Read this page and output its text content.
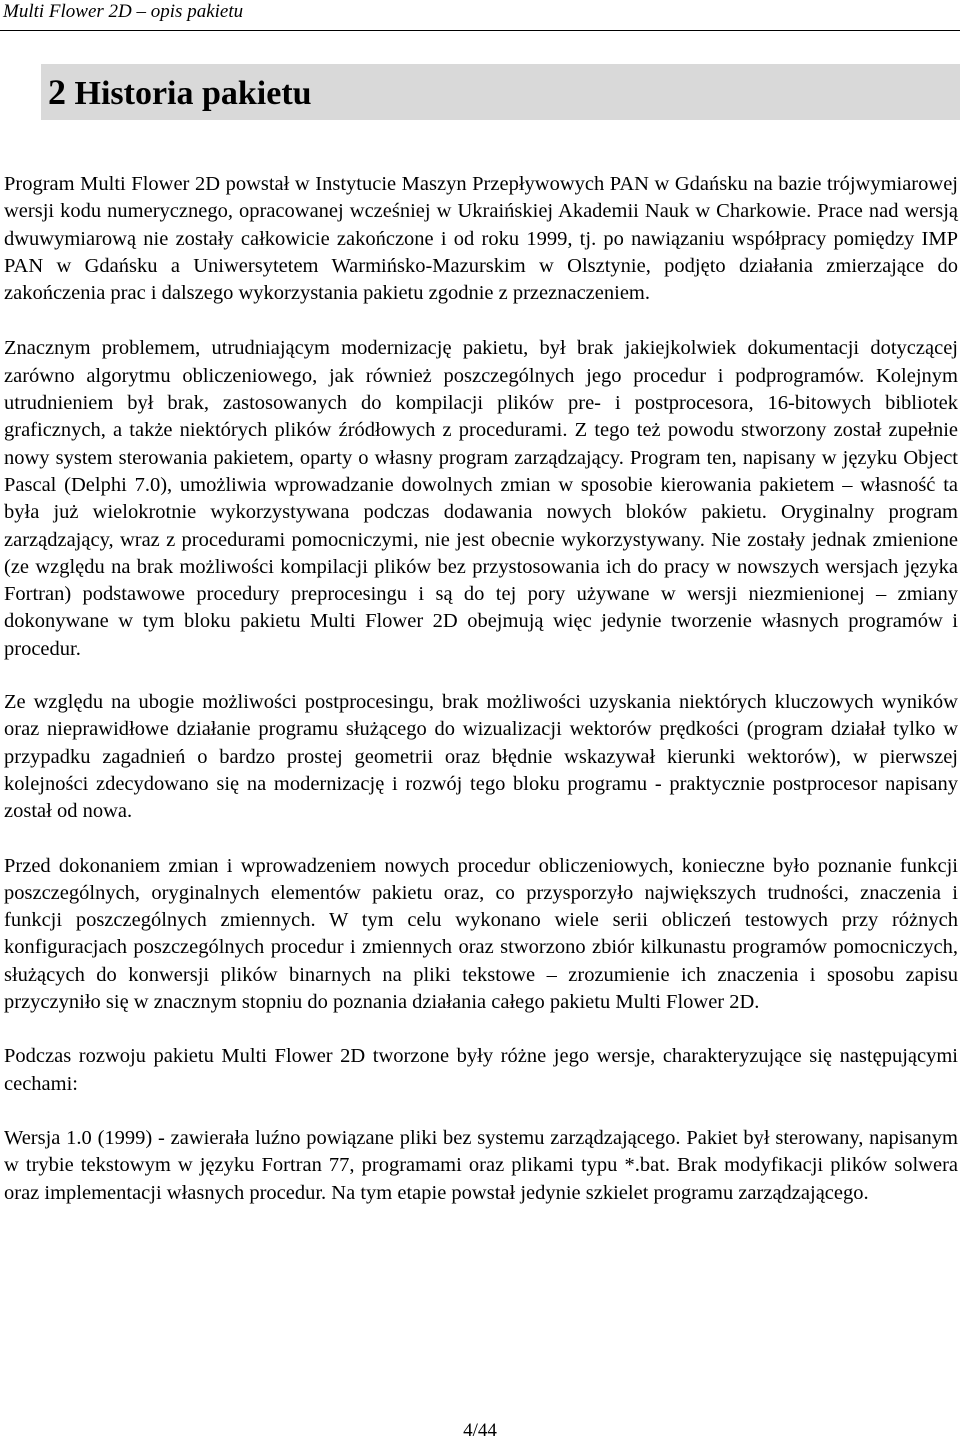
Multi Flower 2D – opis pakietu
2 Historia pakietu

Program Multi Flower 2D powstał w Instytucie Maszyn Przepływowych PAN w Gdańsku na bazie trójwymiarowej wersji kodu numerycznego, opracowanej wcześniej w Ukraińskiej Akademii Nauk w Charkowie. Prace nad wersją dwuwymiarową nie zostały całkowicie zakończone i od roku 1999, tj. po nawiązaniu współpracy pomiędzy IMP PAN w Gdańsku a Uniwersytetem Warmińsko-Mazurskim w Olsztynie, podjęto działania zmierzające do zakończenia prac i dalszego wykorzystania pakietu zgodnie z przeznaczeniem.

Znacznym problemem, utrudniającym modernizację pakietu, był brak jakiejkolwiek dokumentacji dotyczącej zarówno algorytmu obliczeniowego, jak również poszczególnych jego procedur i podprogramów. Kolejnym utrudnieniem był brak, zastosowanych do kompilacji plików pre- i postprocesora, 16-bitowych bibliotek graficznych, a także niektórych plików źródłowych z procedurami. Z tego też powodu stworzony został zupełnie nowy system sterowania pakietem, oparty o własny program zarządzający. Program ten, napisany w języku Object Pascal (Delphi 7.0), umożliwia wprowadzanie dowolnych zmian w sposobie kierowania pakietem – własność ta była już wielokrotnie wykorzystywana podczas dodawania nowych bloków pakietu. Oryginalny program zarządzający, wraz z procedurami pomocniczymi, nie jest obecnie wykorzystywany. Nie zostały jednak zmienione (ze względu na brak możliwości kompilacji plików bez przystosowania ich do pracy w nowszych wersjach języka Fortran) podstawowe procedury preprocesingu i są do tej pory używane w wersji niezmienionej – zmiany dokonywane w tym bloku pakietu Multi Flower 2D obejmują więc jedynie tworzenie własnych programów i procedur.

Ze względu na ubogie możliwości postprocesingu, brak możliwości uzyskania niektórych kluczowych wyników oraz nieprawidłowe działanie programu służącego do wizualizacji wektorów prędkości (program działał tylko w przypadku zagadnień o bardzo prostej geometrii oraz błędnie wskazywał kierunki wektorów), w pierwszej kolejności zdecydowano się na modernizację i rozwój tego bloku programu - praktycznie postprocesor napisany został od nowa.

Przed dokonaniem zmian i wprowadzeniem nowych procedur obliczeniowych, konieczne było poznanie funkcji poszczególnych, oryginalnych elementów pakietu oraz, co przysporzyło największych trudności, znaczenia i funkcji poszczególnych zmiennych. W tym celu wykonano wiele serii obliczeń testowych przy różnych konfiguracjach poszczególnych procedur i zmiennych oraz stworzono zbiór kilkunastu programów pomocniczych, służących do konwersji plików binarnych na pliki tekstowe – zrozumienie ich znaczenia i sposobu zapisu przyczyniło się w znacznym stopniu do poznania działania całego pakietu Multi Flower 2D.

Podczas rozwoju pakietu Multi Flower 2D tworzone były różne jego wersje, charakteryzujące się następującymi cechami:

Wersja 1.0 (1999) - zawierała luźno powiązane pliki bez systemu zarządzającego. Pakiet był sterowany, napisanym w trybie tekstowym w języku Fortran 77, programami oraz plikami typu *.bat. Brak modyfikacji plików solwera oraz implementacji własnych procedur. Na tym etapie powstał jedynie szkielet programu zarządzającego.

4/44
